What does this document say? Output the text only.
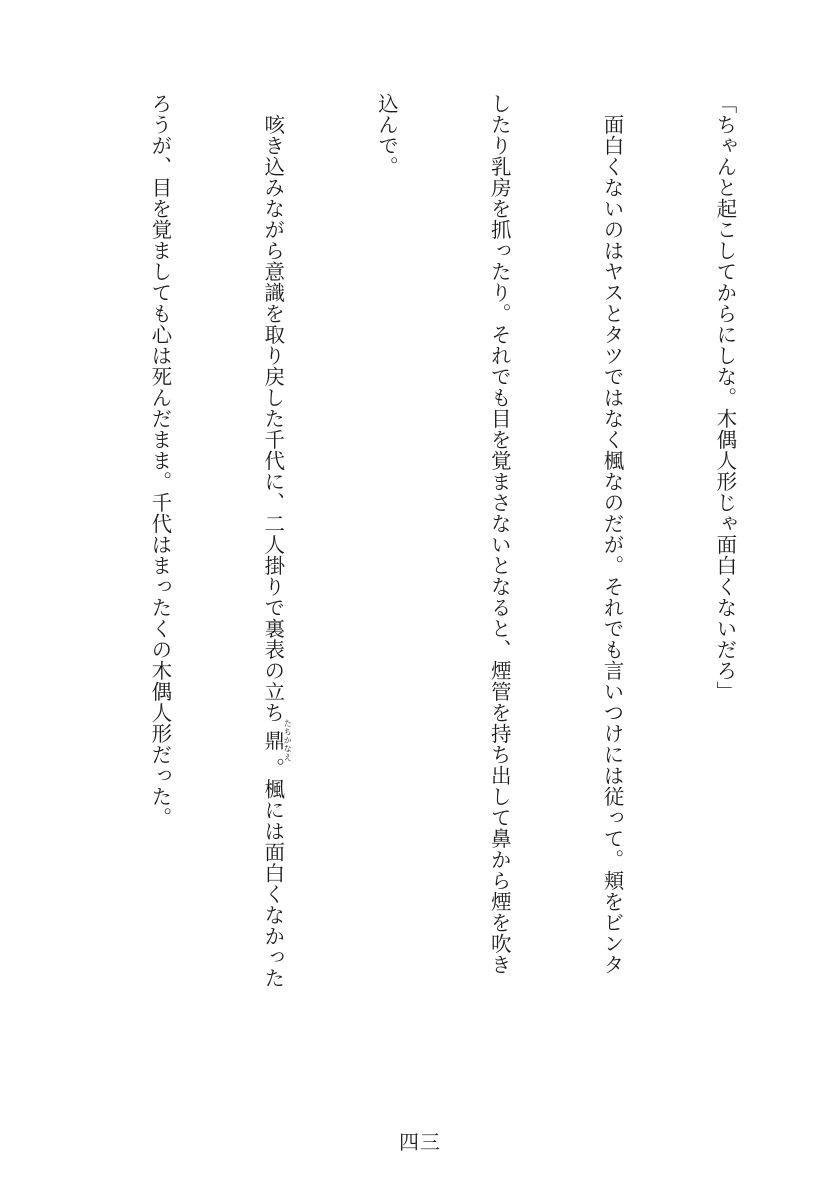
「ちゃんと起こしてからにしな。木偶人形じゃ面白くないだろ」

　面白くないのはヤスとタツではなく楓なのだが。それでも言いつけには従って。頬をビンタ

したり乳房を抓ったり。それでも目を覚まさないとなると、煙管を持ち出して鼻から煙を吹き

込んで。

　咳き込みながら意識を取り戻した千代に、二人掛りで裏表の立ち鼎たちかなえ。楓には面白くなかった

ろうが、目を覚ましても心は死んだまま。千代はまったくの木偶人形だった。

四三
